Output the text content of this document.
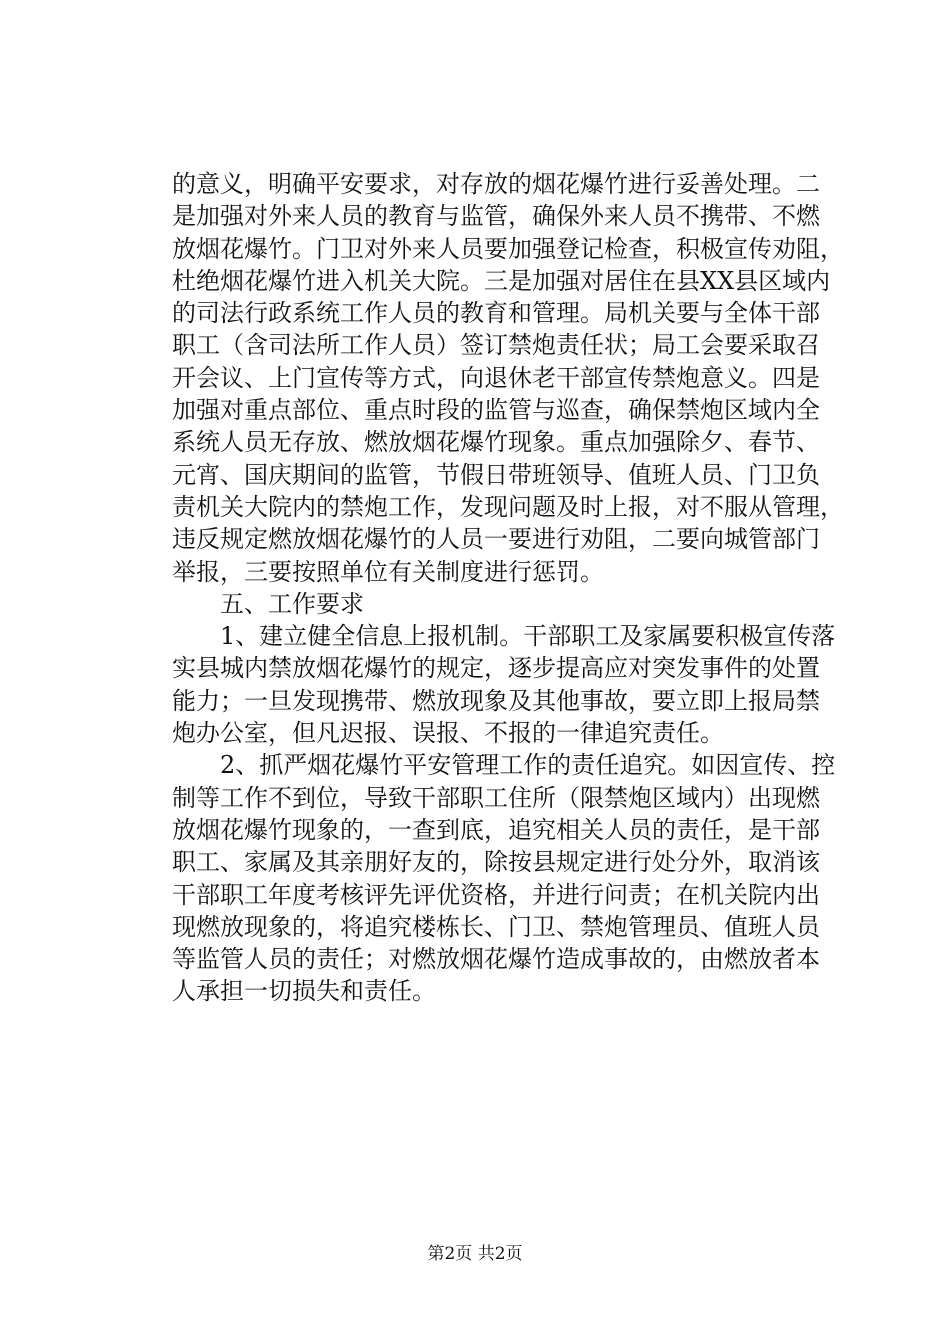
的意义，明确平安要求，对存放的烟花爆竹进行妥善处理。二
是加强对外来人员的教育与监管，确保外来人员不携带、不燃
放烟花爆竹。门卫对外来人员要加强登记检查，积极宣传劝阻，
杜绝烟花爆竹进入机关大院。三是加强对居住在县XX县区域内
的司法行政系统工作人员的教育和管理。局机关要与全体干部
职工（含司法所工作人员）签订禁炮责任状；局工会要采取召
开会议、上门宣传等方式，向退休老干部宣传禁炮意义。四是
加强对重点部位、重点时段的监管与巡查，确保禁炮区域内全
系统人员无存放、燃放烟花爆竹现象。重点加强除夕、春节、
元宵、国庆期间的监管，节假日带班领导、值班人员、门卫负
责机关大院内的禁炮工作，发现问题及时上报，对不服从管理，
违反规定燃放烟花爆竹的人员一要进行劝阻，二要向城管部门
举报，三要按照单位有关制度进行惩罚。
　　五、工作要求
　　1、建立健全信息上报机制。干部职工及家属要积极宣传落
实县城内禁放烟花爆竹的规定，逐步提高应对突发事件的处置
能力；一旦发现携带、燃放现象及其他事故，要立即上报局禁
炮办公室，但凡迟报、误报、不报的一律追究责任。
　　2、抓严烟花爆竹平安管理工作的责任追究。如因宣传、控
制等工作不到位，导致干部职工住所（限禁炮区域内）出现燃
放烟花爆竹现象的，一查到底，追究相关人员的责任，是干部
职工、家属及其亲朋好友的，除按县规定进行处分外，取消该
干部职工年度考核评先评优资格，并进行问责；在机关院内出
现燃放现象的，将追究楼栋长、门卫、禁炮管理员、值班人员
等监管人员的责任；对燃放烟花爆竹造成事故的，由燃放者本
人承担一切损失和责任。
第2页 共2页
